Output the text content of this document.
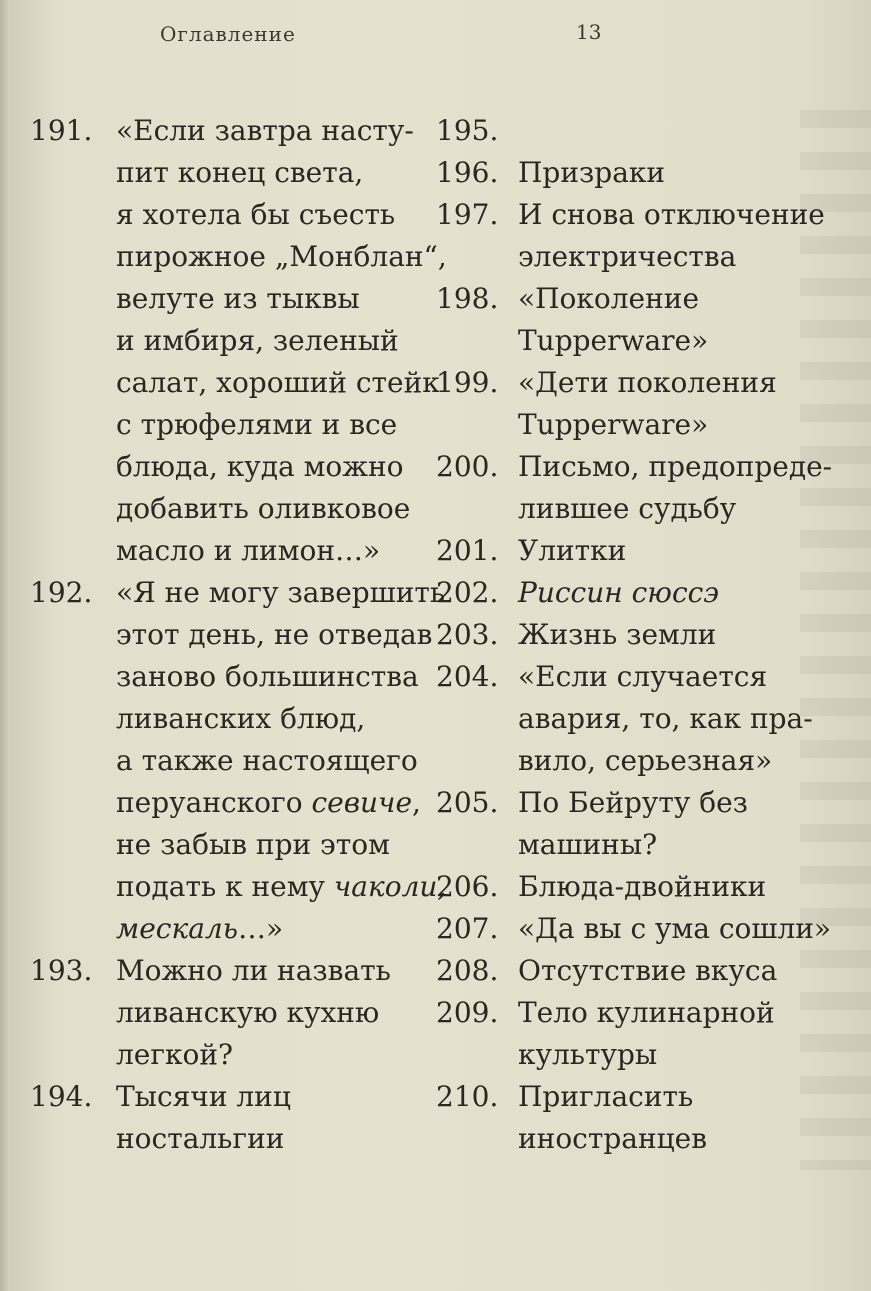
Оглавление	13
191. «Если завтра насту-
пит конец света,
я хотела бы съесть
пирожное „Монблан“,
велуте из тыквы
и имбиря, зеленый
салат, хороший стейк
с трюфелями и все
блюда, куда можно
добавить оливковое
масло и лимон…»
192. «Я не могу завершить
этот день, не отведав
заново большинства
ливанских блюд,
а также настоящего
перуанского севиче,
не забыв при этом
подать к нему чаколи,
мескаль…»
193. Можно ли назвать
ливанскую кухню
легкой?
194. Тысячи лиц
ностальгии
195.

196. Призраки
197. И снова отключение
электричества
198. «Поколение
Tupperware»
199. «Дети поколения
Tupperware»
200. Письмо, предопреде-
лившее судьбу
201. Улитки
202. Риссин сюссэ
203. Жизнь земли
204. «Если случается
авария, то, как пра-
вило, серьезная»
205. По Бейруту без
машины?
206. Блюда-двойники
207. «Да вы с ума сошли»
208. Отсутствие вкуса
209. Тело кулинарной
культуры
210. Пригласить
иностранцев
